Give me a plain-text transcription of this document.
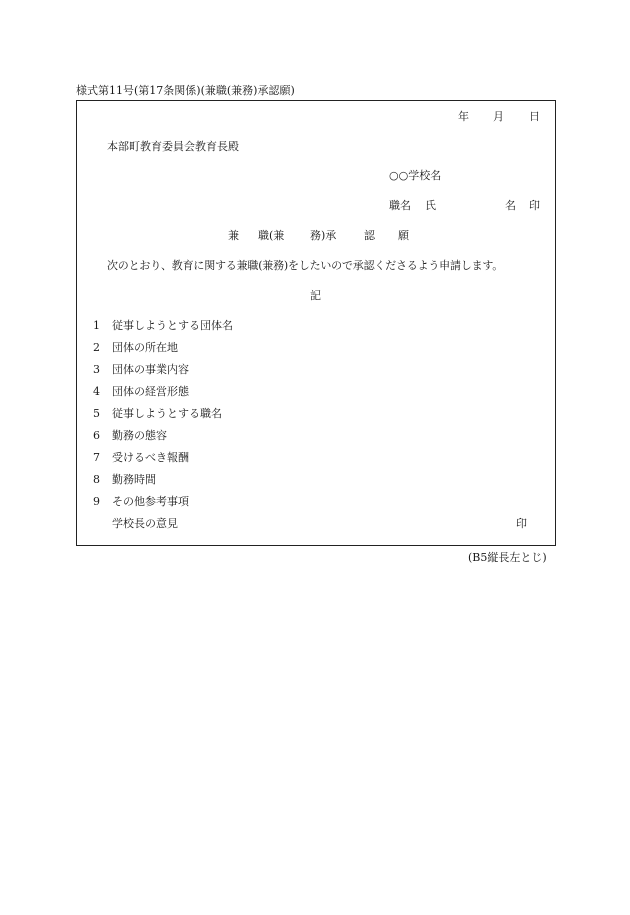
様式第11号(第17条関係)(兼職(兼務)承認願)
年 月 日
本部町教育委員会教育長殿
○○学校名
職名 氏	名 印
兼 職(兼 務)承	認 願
次のとおり、教育に関する兼職(兼務)をしたいので承認くださるよう申請します。
記
1 従事しようとする団体名
2 団体の所在地
3 団体の事業内容
4 団体の経営形態
5 従事しようとする職名
6 勤務の態容
7 受けるべき報酬
8 勤務時間
9 その他参考事項
学校長の意見	印
(B5縦長左とじ)
